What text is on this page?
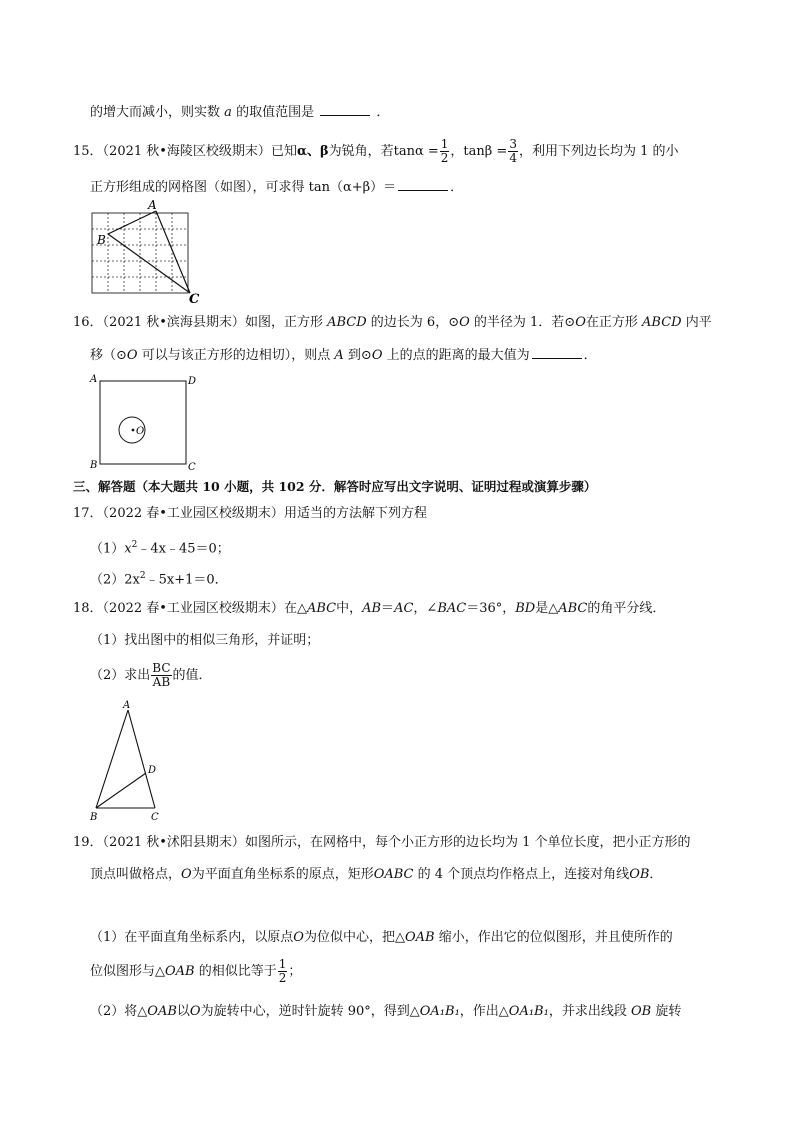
的增大而减小，则实数 a 的取值范围是	．
15．（2021 秋•海陵区校级期末）已知α、β为锐角，若$\tan\alpha = \frac{1}{2}$ ，$\tan\beta = \frac{3}{4}$ ，利用下列边长均为 1 的小
正方形组成的网格图（如图），可求得 tan（α+β）＝	．
A
B
C
16．（2021 秋•滨海县期末）如图，正方形 ABCD 的边长为 6，⊙O 的半径为 1．若⊙O在正方形 ABCD 内平
移（⊙O 可以与该正方形的边相切），则点 A 到⊙O 上的点的距离的最大值为	．
A	D
B	C
O
三、解答题（本大题共 10 小题，共 102 分．解答时应写出文字说明、证明过程或演算步骤）
17．（2022 春•工业园区校级期末）用适当的方法解下列方程
$(1)x^2﹣4x﹣45=0$；
$(2)2x^2﹣5x+1=0$．
18．（2022 春•工业园区校级期末）在△ABC中，AB＝AC，∠BAC＝36°，BD是△ABC的角平分线．
（1）找出图中的相似三角形，并证明；
（2）求出 $\frac{BC}{AB}$ 的值．
A
D
B	C
19．（2021 秋•沭阳县期末）如图所示，在网格中，每个小正方形的边长均为 1 个单位长度，把小正方形的
顶点叫做格点，O为平面直角坐标系的原点，矩形OABC 的 4 个顶点均作格点上，连接对角线OB．
（1）在平面直角坐标系内，以原点O为位似中心，把△OAB 缩小，作出它的位似图形，并且使所作的
位似图形与△OAB 的相似比等于 $\frac{1}{2}$ ；
（2）将△OAB以O为旋转中心，逆时针旋转 90°，得到△OA₁B₁，作出△OA₁B₁，并求出线段 OB 旋转
